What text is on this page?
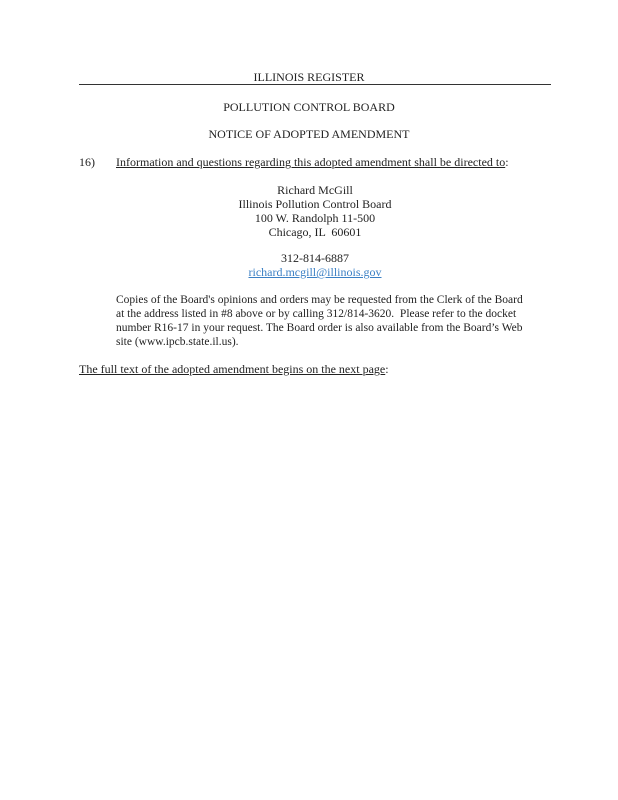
ILLINOIS REGISTER
POLLUTION CONTROL BOARD
NOTICE OF ADOPTED AMENDMENT
16) Information and questions regarding this adopted amendment shall be directed to:
Richard McGill
Illinois Pollution Control Board
100 W. Randolph 11-500
Chicago, IL  60601
312-814-6887
richard.mcgill@illinois.gov
Copies of the Board's opinions and orders may be requested from the Clerk of the Board
at the address listed in #8 above or by calling 312/814-3620.  Please refer to the docket
number R16-17 in your request. The Board order is also available from the Board’s Web
site (www.ipcb.state.il.us).
The full text of the adopted amendment begins on the next page:
